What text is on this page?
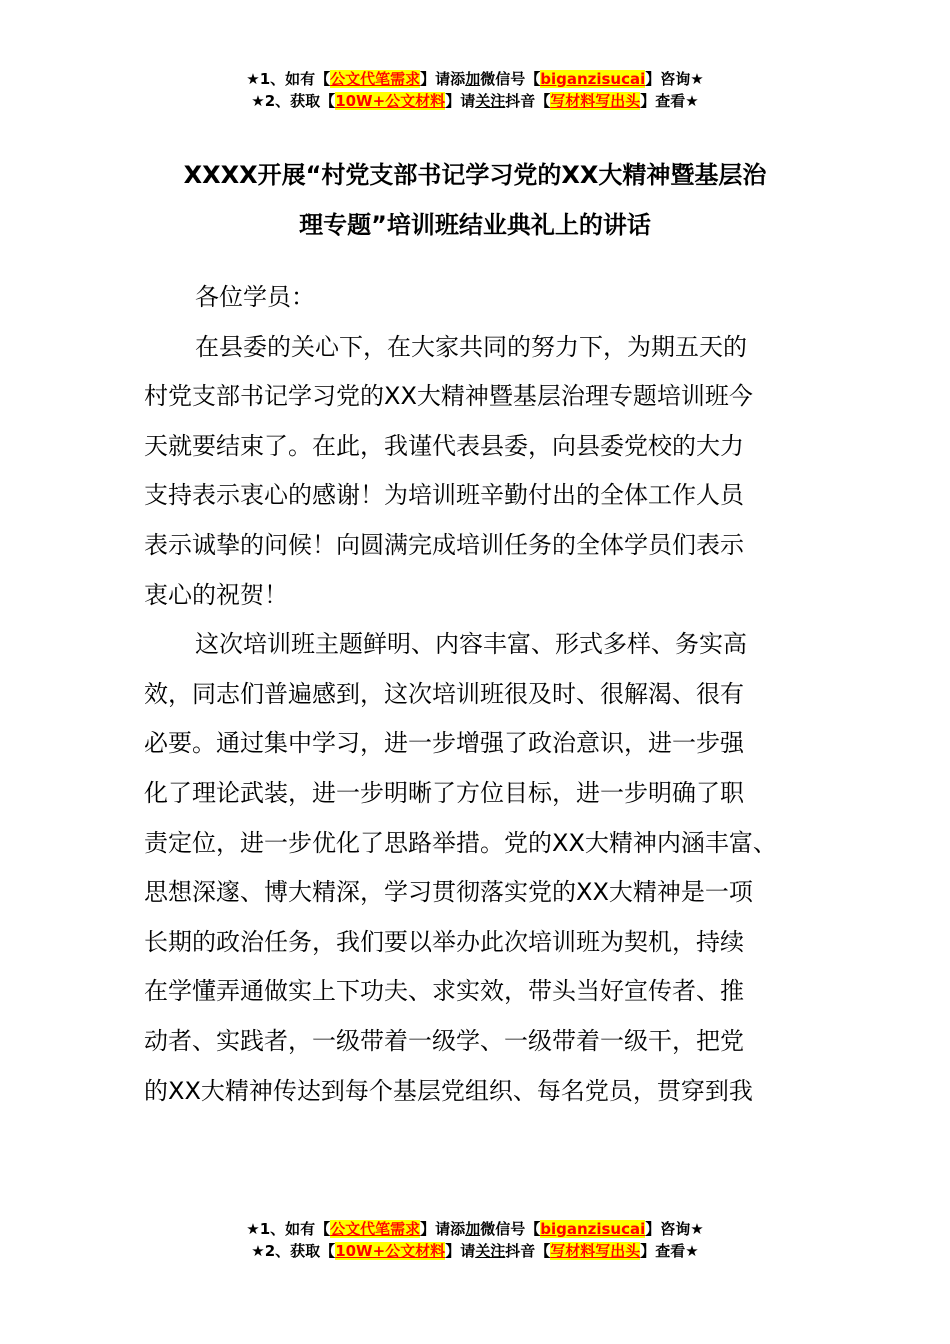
★1、如有【公文代笔需求】请添加微信号【biganzisucai】咨询★
★2、获取【10W+公文材料】请关注抖音【写材料写出头】查看★
XXXX开展“村党支部书记学习党的XX大精神暨基层治
理专题”培训班结业典礼上的讲话
各位学员：
在县委的关心下，在大家共同的努力下，为期五天的
村党支部书记学习党的XX大精神暨基层治理专题培训班今
天就要结束了。在此，我谨代表县委，向县委党校的大力
支持表示衷心的感谢！为培训班辛勤付出的全体工作人员
表示诚挚的问候！向圆满完成培训任务的全体学员们表示
衷心的祝贺！
这次培训班主题鲜明、内容丰富、形式多样、务实高
效，同志们普遍感到，这次培训班很及时、很解渴、很有
必要。通过集中学习，进一步增强了政治意识，进一步强
化了理论武装，进一步明晰了方位目标，进一步明确了职
责定位，进一步优化了思路举措。党的XX大精神内涵丰富、
思想深邃、博大精深，学习贯彻落实党的XX大精神是一项
长期的政治任务，我们要以举办此次培训班为契机，持续
在学懂弄通做实上下功夫、求实效，带头当好宣传者、推
动者、实践者，一级带着一级学、一级带着一级干，把党
的XX大精神传达到每个基层党组织、每名党员，贯穿到我
★1、如有【公文代笔需求】请添加微信号【biganzisucai】咨询★
★2、获取【10W+公文材料】请关注抖音【写材料写出头】查看★
